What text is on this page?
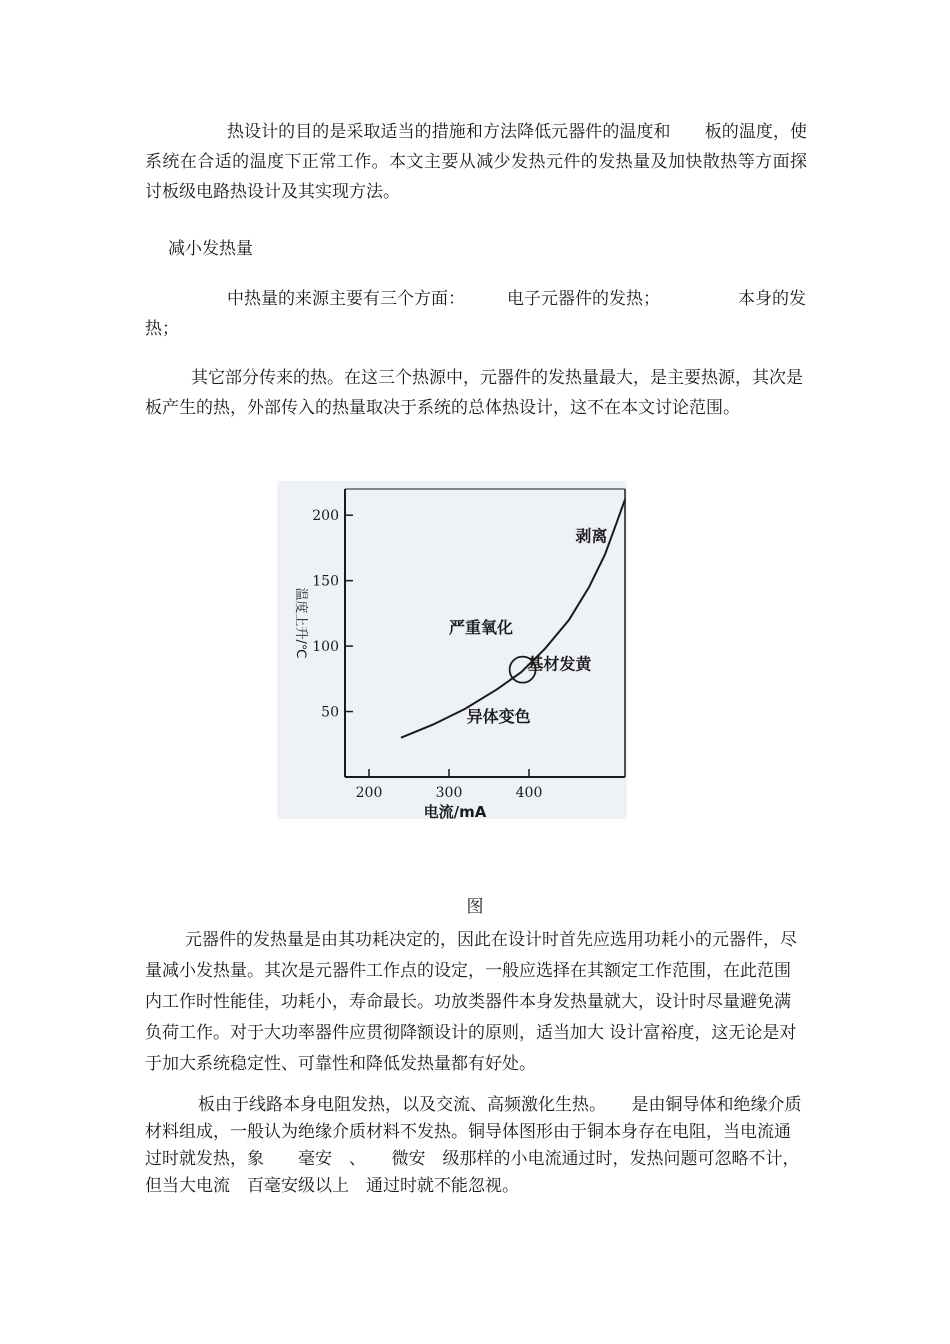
热设计的目的是采取适当的措施和方法降低元器件的温度和　　板的温度，使系统在合适的温度下正常工作。本文主要从减少发热元件的发热量及加快散热等方面探讨板级电路热设计及其实现方法。

减小发热量

中热量的来源主要有三个方面： 电子元器件的发热；	本身的发热；

其它部分传来的热。在这三个热源中，元器件的发热量最大，是主要热源，其次是　　板产生的热，外部传入的热量取决于系统的总体热设计，这不在本文讨论范围。

50
100
150
200
200	300	400
电流/mA
温度上升/℃
剥离
严重氧化
基材发黄
异体变色
图

元器件的发热量是由其功耗决定的，因此在设计时首先应选用功耗小的元器件，尽量减小发热量。其次是元器件工作点的设定，一般应选择在其额定工作范围，在此范围内工作时性能佳，功耗小，寿命最长。功放类器件本身发热量就大，设计时尽量避免满负荷工作。对于大功率器件应贯彻降额设计的原则，适当加大 设计富裕度，这无论是对于加大系统稳定性、可靠性和降低发热量都有好处。

板由于线路本身电阻发热，以及交流、高频激化生热。　　是由铜导体和绝缘介质材料组成，一般认为绝缘介质材料不发热。铜导体图形由于铜本身存在电阻，当电流通过时就发热，象　　毫安　、　　微安　级那样的小电流通过时，发热问题可忽略不计，但当大电流　百毫安级以上　通过时就不能忽视。
